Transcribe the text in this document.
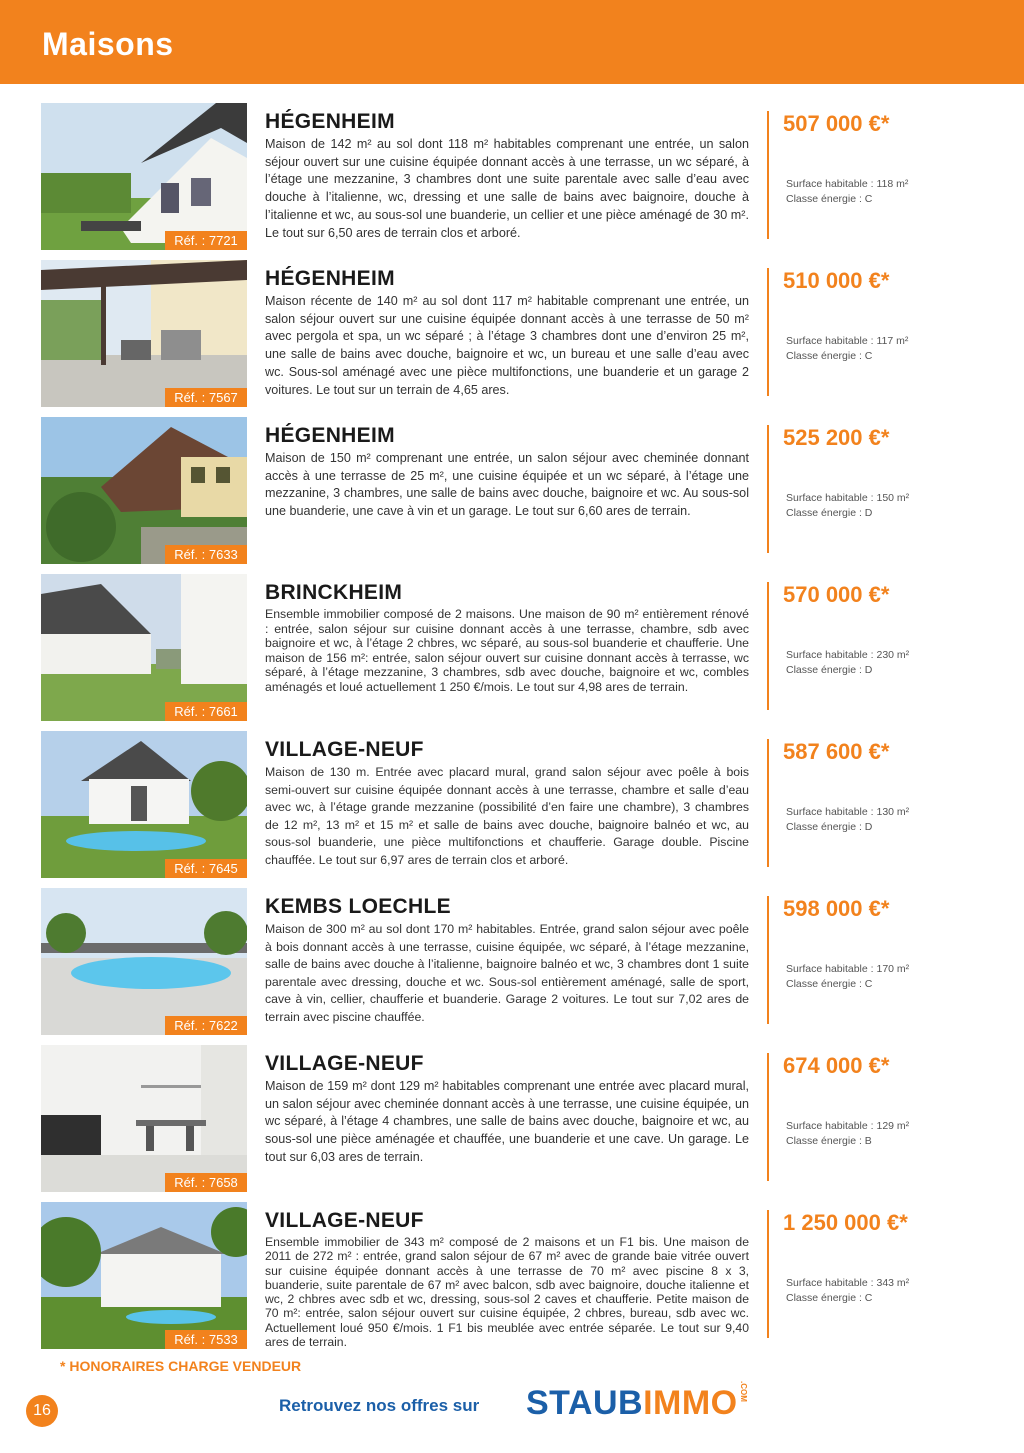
Maisons
Réf. : 7721
HÉGENHEIM
Maison de 142 m² au sol dont 118 m² habitables comprenant une entrée, un salon séjour ouvert sur une cuisine équipée donnant accès à une terrasse, un wc séparé, à l’étage une mezzanine, 3 chambres dont une suite parentale avec salle d’eau avec douche à l’italienne, wc, dressing et une salle de bains avec baignoire, douche à l’italienne et wc, au sous-sol une buanderie, un cellier et une pièce aménagé de 30 m². Le tout sur 6,50 ares de terrain clos et arboré.
507 000 €*
Surface habitable : 118 m²
Classe énergie : C
Réf. : 7567
HÉGENHEIM
Maison récente de 140 m² au sol dont 117 m² habitable comprenant une entrée, un salon séjour ouvert sur une cuisine équipée donnant accès à une terrasse de 50 m² avec pergola et spa, un wc séparé ; à l’étage 3 chambres dont une d’environ 25 m², une salle de bains avec douche, baignoire et wc, un bureau et une salle d’eau avec wc. Sous-sol aménagé avec une pièce multifonctions, une buanderie et un garage 2 voitures. Le tout sur un terrain de 4,65 ares.
510 000 €*
Surface habitable : 117 m²
Classe énergie : C
Réf. : 7633
HÉGENHEIM
Maison de 150 m² comprenant une entrée, un salon séjour avec cheminée donnant accès à une terrasse de 25 m², une cuisine équipée et un wc séparé, à l’étage une mezzanine, 3 chambres, une salle de bains avec douche, baignoire et wc. Au sous-sol une buanderie, une cave à vin et un garage. Le tout sur 6,60 ares de terrain.
525 200 €*
Surface habitable : 150 m²
Classe énergie : D
Réf. : 7661
BRINCKHEIM
Ensemble immobilier composé de 2 maisons. Une maison de 90 m² entièrement rénové : entrée, salon séjour sur cuisine donnant accès à une terrasse, chambre, sdb avec baignoire et wc, à l’étage 2 chbres, wc séparé, au sous-sol buanderie et chaufferie. Une maison de 156 m²: entrée, salon séjour ouvert sur cuisine donnant accès à terrasse, wc séparé, à l’étage mezzanine, 3 chambres, sdb avec douche, baignoire et wc, combles aménagés et loué actuellement 1 250 €/mois. Le tout sur 4,98 ares de terrain.
570 000 €*
Surface habitable : 230 m²
Classe énergie : D
Réf. : 7645
VILLAGE-NEUF
Maison de 130 m. Entrée avec placard mural, grand salon séjour avec poêle à bois semi-ouvert sur cuisine équipée donnant accès à une terrasse, chambre et salle d’eau avec wc, à l’étage grande mezzanine (possibilité d’en faire une chambre), 3 chambres de 12 m², 13 m² et 15 m² et salle de bains avec douche, baignoire balnéo et wc, au sous-sol buanderie, une pièce multifonctions et chaufferie. Garage double. Piscine chauffée. Le tout sur 6,97 ares de terrain clos et arboré.
587 600 €*
Surface habitable : 130 m²
Classe énergie : D
Réf. : 7622
KEMBS LOECHLE
Maison de 300 m² au sol dont 170 m² habitables. Entrée, grand salon séjour avec poêle à bois donnant accès à une terrasse, cuisine équipée, wc séparé, à l’étage mezzanine, salle de bains avec douche à l’italienne, baignoire balnéo et wc, 3 chambres dont 1 suite parentale avec dressing, douche et wc. Sous-sol entièrement aménagé, salle de sport, cave à vin, cellier, chaufferie et buanderie. Garage 2 voitures. Le tout sur 7,02 ares de terrain avec piscine chauffée.
598 000 €*
Surface habitable : 170 m²
Classe énergie : C
Réf. : 7658
VILLAGE-NEUF
Maison de 159 m² dont 129 m² habitables comprenant une entrée avec placard mural, un salon séjour avec cheminée donnant accès à une terrasse, une cuisine équipée, un wc séparé, à l’étage 4 chambres, une salle de bains avec douche, baignoire et wc, au sous-sol une pièce aménagée et chauffée, une buanderie et une cave. Un garage. Le tout sur 6,03 ares de terrain.
674 000 €*
Surface habitable : 129 m²
Classe énergie : B
Réf. : 7533
VILLAGE-NEUF
Ensemble immobilier de 343 m² composé de 2 maisons et un F1 bis. Une maison de 2011 de 272 m² : entrée, grand salon séjour de 67 m² avec de grande baie vitrée ouvert sur cuisine équipée donnant accès à une terrasse de 70 m² avec piscine 8 x 3, buanderie, suite parentale de 67 m² avec balcon, sdb avec baignoire, douche italienne et wc, 2 chbres avec sdb et wc, dressing, sous-sol 2 caves et chaufferie. Petite maison de 70 m²: entrée, salon séjour ouvert sur cuisine équipée, 2 chbres, bureau, sdb avec wc. Actuellement loué 950 €/mois. 1 F1 bis meublée avec entrée séparée. Le tout sur 9,40 ares de terrain.
1 250 000 €*
Surface habitable : 343 m²
Classe énergie : C
* HONORAIRES CHARGE VENDEUR
16	Retrouvez nos offres sur STAUBIMMO.COM
